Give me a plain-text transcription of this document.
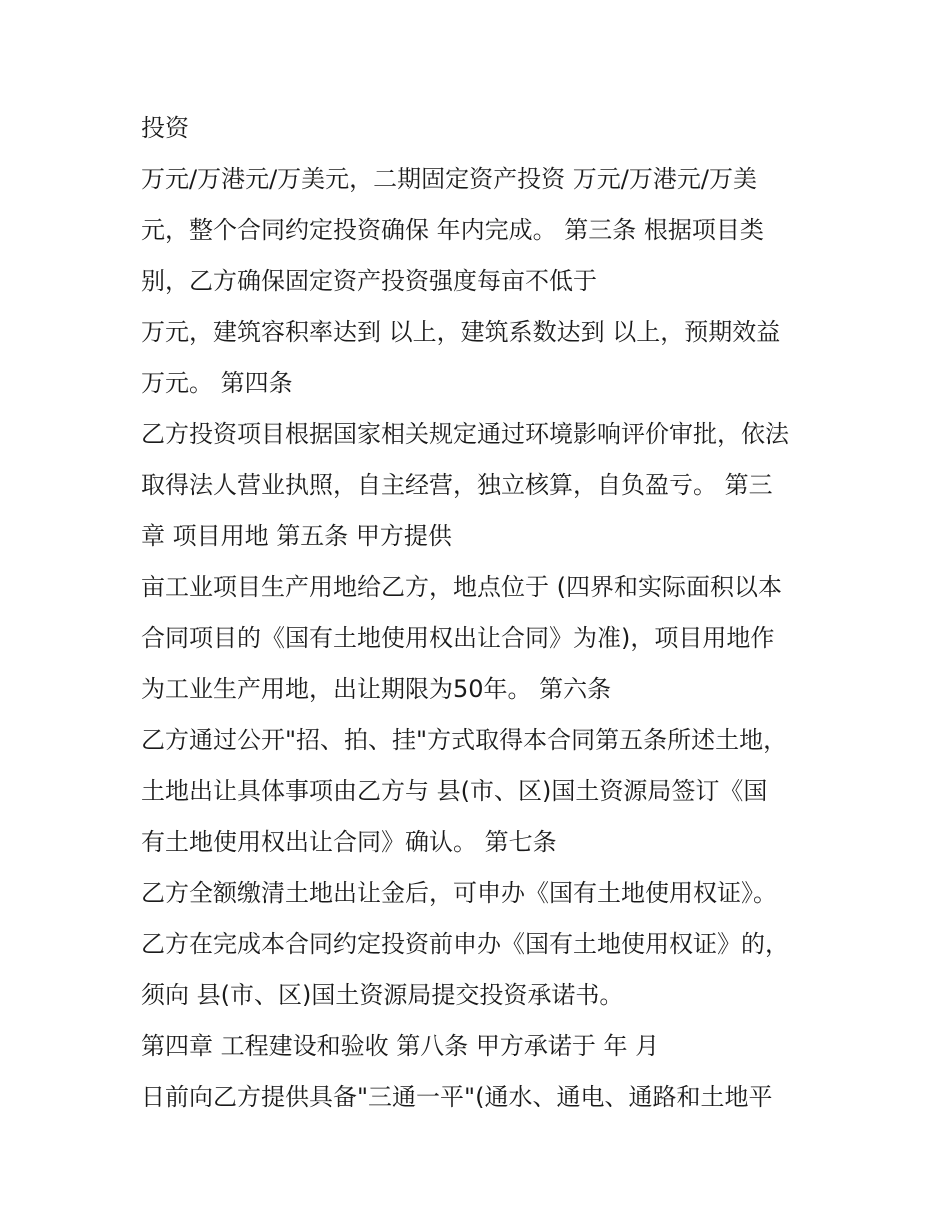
投资
万元/万港元/万美元，二期固定资产投资 万元/万港元/万美
元，整个合同约定投资确保 年内完成。 第三条 根据项目类
别，乙方确保固定资产投资强度每亩不低于
万元，建筑容积率达到 以上，建筑系数达到 以上，预期效益
万元。 第四条
乙方投资项目根据国家相关规定通过环境影响评价审批，依法
取得法人营业执照，自主经营，独立核算，自负盈亏。 第三
章 项目用地 第五条 甲方提供
亩工业项目生产用地给乙方，地点位于 (四界和实际面积以本
合同项目的《国有土地使用权出让合同》为准)，项目用地作
为工业生产用地，出让期限为50年。 第六条
乙方通过公开"招、拍、挂"方式取得本合同第五条所述土地，
土地出让具体事项由乙方与 县(市、区)国土资源局签订《国
有土地使用权出让合同》确认。 第七条
乙方全额缴清土地出让金后，可申办《国有土地使用权证》。
乙方在完成本合同约定投资前申办《国有土地使用权证》的，
须向 县(市、区)国土资源局提交投资承诺书。
第四章 工程建设和验收 第八条 甲方承诺于 年 月
日前向乙方提供具备"三通一平"(通水、通电、通路和土地平
